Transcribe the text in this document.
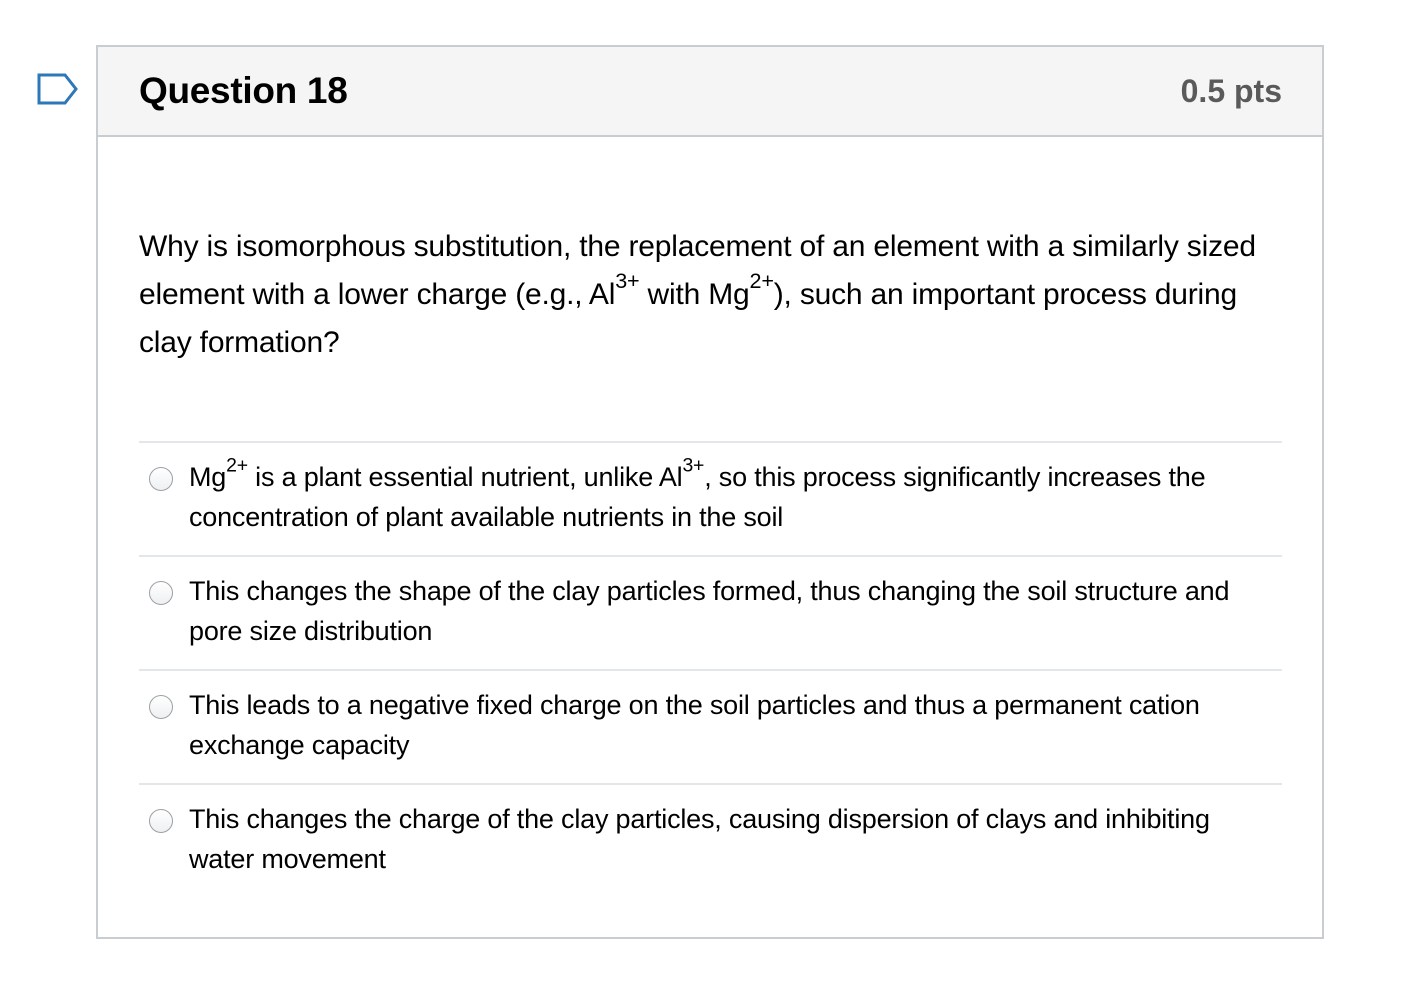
Question 18	0.5 pts
Why is isomorphous substitution, the replacement of an element with a similarly sized element with a lower charge (e.g., $Al^{3+}$ with $Mg^{2+}$), such an important process during clay formation?
$Mg^{2+}$ is a plant essential nutrient, unlike $Al^{3+}$, so this process significantly increases the concentration of plant available nutrients in the soil
This changes the shape of the clay particles formed, thus changing the soil structure and pore size distribution
This leads to a negative fixed charge on the soil particles and thus a permanent cation exchange capacity
This changes the charge of the clay particles, causing dispersion of clays and inhibiting water movement
